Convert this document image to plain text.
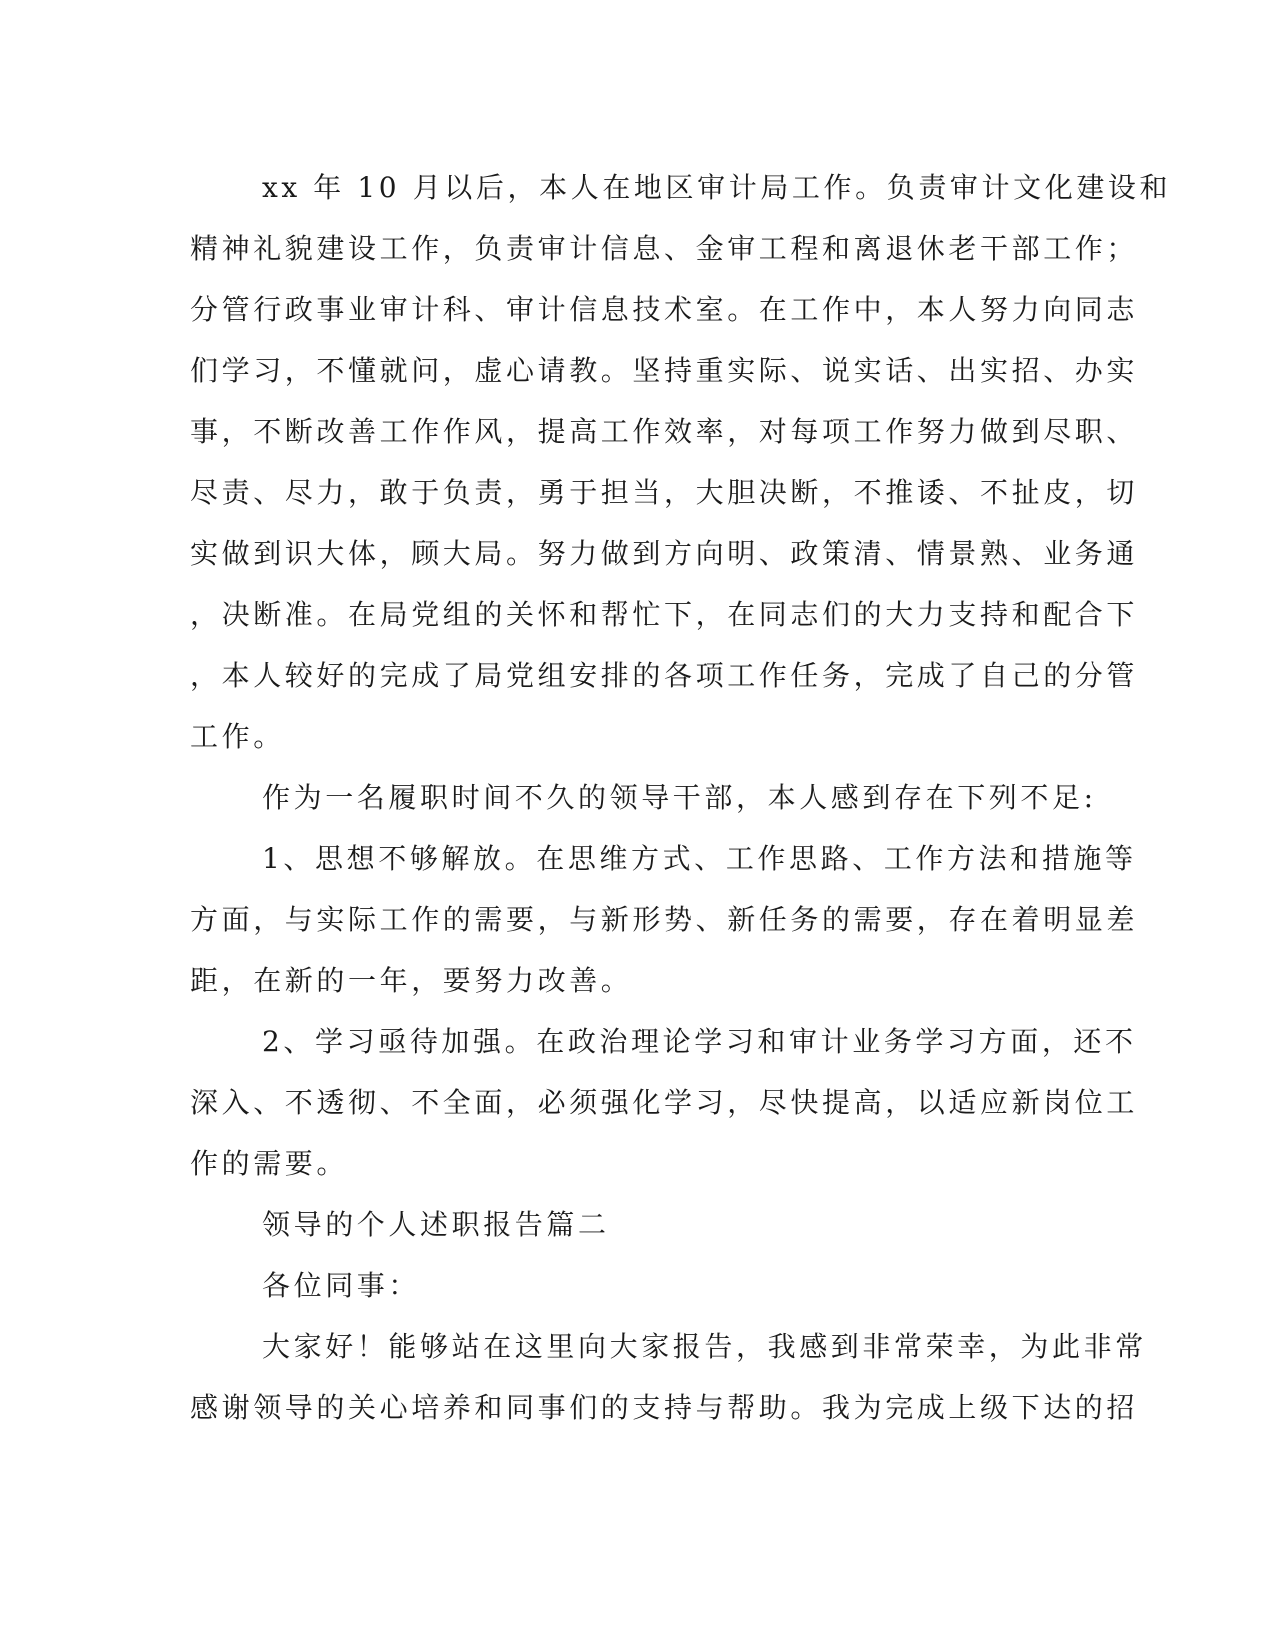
xx 年 10 月以后，本人在地区审计局工作。负责审计文化建设和
精神礼貌建设工作，负责审计信息、金审工程和离退休老干部工作；
分管行政事业审计科、审计信息技术室。在工作中，本人努力向同志
们学习，不懂就问，虚心请教。坚持重实际、说实话、出实招、办实
事，不断改善工作作风，提高工作效率，对每项工作努力做到尽职、
尽责、尽力，敢于负责，勇于担当，大胆决断，不推诿、不扯皮，切
实做到识大体，顾大局。努力做到方向明、政策清、情景熟、业务通
，决断准。在局党组的关怀和帮忙下，在同志们的大力支持和配合下
，本人较好的完成了局党组安排的各项工作任务，完成了自己的分管
工作。
作为一名履职时间不久的领导干部，本人感到存在下列不足:
1、思想不够解放。在思维方式、工作思路、工作方法和措施等
方面，与实际工作的需要，与新形势、新任务的需要，存在着明显差
距，在新的一年，要努力改善。
2、学习亟待加强。在政治理论学习和审计业务学习方面，还不
深入、不透彻、不全面，必须强化学习，尽快提高，以适应新岗位工
作的需要。
领导的个人述职报告篇二
各位同事：
大家好！能够站在这里向大家报告，我感到非常荣幸，为此非常
感谢领导的关心培养和同事们的支持与帮助。我为完成上级下达的招
